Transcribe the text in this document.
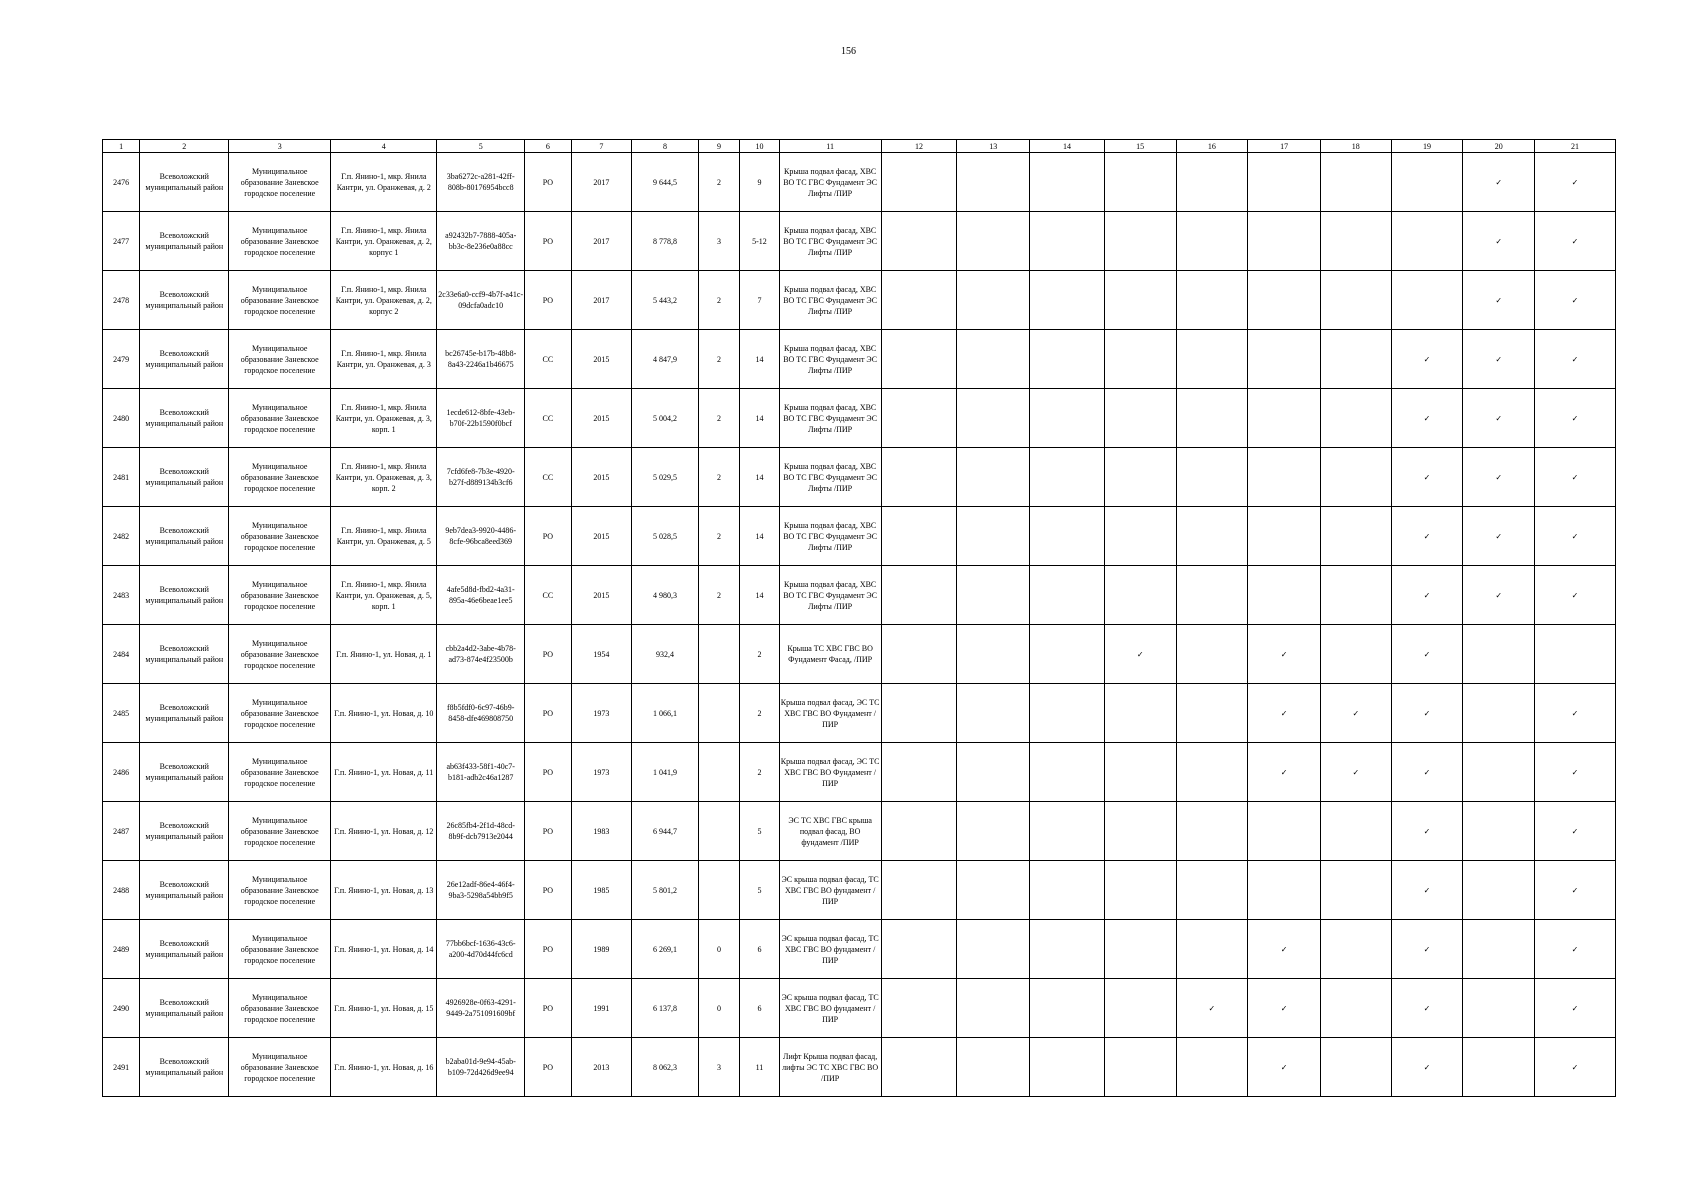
156
1	2	3	4	5	6	7	8	9	10	11	12	13	14	15	16	17	18	19	20	21
2476	Всеволожский муниципальный район	Муниципальное образование Заневское городское поселение	Г.п. Янино-1, мкр. Янила Кантри, ул. Оранжевая, д. 2	3ba6272c-a281-42ff-808b-80176954bcc8	РО	2017	9 644,5	2	9	Крыша подвал фасад, ХВС ВО ТС ГВС Фундамент ЭС Лифты /ПИР									✓	✓
2477	Всеволожский муниципальный район	Муниципальное образование Заневское городское поселение	Г.п. Янино-1, мкр. Янила Кантри, ул. Оранжевая, д. 2, корпус 1	a92432b7-7888-405a-bb3c-8e236e0a88cc	РО	2017	8 778,8	3	5-12	Крыша подвал фасад, ХВС ВО ТС ГВС Фундамент ЭС Лифты /ПИР									✓	✓
2478	Всеволожский муниципальный район	Муниципальное образование Заневское городское поселение	Г.п. Янино-1, мкр. Янила Кантри, ул. Оранжевая, д. 2, корпус 2	2c33e6a0-ccf9-4b7f-a41c-09dcfa0adc10	РО	2017	5 443,2	2	7	Крыша подвал фасад, ХВС ВО ТС ГВС Фундамент ЭС Лифты /ПИР									✓	✓
2479	Всеволожский муниципальный район	Муниципальное образование Заневское городское поселение	Г.п. Янино-1, мкр. Янила Кантри, ул. Оранжевая, д. 3	bc26745e-b17b-48b8-8a43-2246a1b46675	СС	2015	4 847,9	2	14	Крыша подвал фасад, ХВС ВО ТС ГВС Фундамент ЭС Лифты /ПИР								✓	✓	✓
2480	Всеволожский муниципальный район	Муниципальное образование Заневское городское поселение	Г.п. Янино-1, мкр. Янила Кантри, ул. Оранжевая, д. 3, корп. 1	1ecde612-8bfe-43eb-b70f-22b1590f0bcf	СС	2015	5 004,2	2	14	Крыша подвал фасад, ХВС ВО ТС ГВС Фундамент ЭС Лифты /ПИР								✓	✓	✓
2481	Всеволожский муниципальный район	Муниципальное образование Заневское городское поселение	Г.п. Янино-1, мкр. Янила Кантри, ул. Оранжевая, д. 3, корп. 2	7cfd6fe8-7b3e-4920-b27f-d889134b3cf6	СС	2015	5 029,5	2	14	Крыша подвал фасад, ХВС ВО ТС ГВС Фундамент ЭС Лифты /ПИР								✓	✓	✓
2482	Всеволожский муниципальный район	Муниципальное образование Заневское городское поселение	Г.п. Янино-1, мкр. Янила Кантри, ул. Оранжевая, д. 5	9eb7dea3-9920-4486-8cfe-96bca8eed369	РО	2015	5 028,5	2	14	Крыша подвал фасад, ХВС ВО ТС ГВС Фундамент ЭС Лифты /ПИР								✓	✓	✓
2483	Всеволожский муниципальный район	Муниципальное образование Заневское городское поселение	Г.п. Янино-1, мкр. Янила Кантри, ул. Оранжевая, д. 5, корп. 1	4afe5d8d-fbd2-4a31-895a-46e6beae1ee5	СС	2015	4 980,3	2	14	Крыша подвал фасад, ХВС ВО ТС ГВС Фундамент ЭС Лифты /ПИР								✓	✓	✓
2484	Всеволожский муниципальный район	Муниципальное образование Заневское городское поселение	Г.п. Янино-1, ул. Новая, д. 1	cbb2a4d2-3abe-4b78-ad73-874e4f23500b	РО	1954	932,4		2	Крыша ТС ХВС ГВС ВО Фундамент Фасад, /ПИР				✓		✓		✓		
2485	Всеволожский муниципальный район	Муниципальное образование Заневское городское поселение	Г.п. Янино-1, ул. Новая, д. 10	f8b5fdf0-6c97-46b9-8458-dfe469808750	РО	1973	1 066,1		2	Крыша подвал фасад, ЭС ТС ХВС ГВС ВО Фундамент /ПИР						✓	✓	✓		✓
2486	Всеволожский муниципальный район	Муниципальное образование Заневское городское поселение	Г.п. Янино-1, ул. Новая, д. 11	ab63f433-58f1-40c7-b181-adb2c46a1287	РО	1973	1 041,9		2	Крыша подвал фасад, ЭС ТС ХВС ГВС ВО Фундамент /ПИР						✓	✓	✓		✓
2487	Всеволожский муниципальный район	Муниципальное образование Заневское городское поселение	Г.п. Янино-1, ул. Новая, д. 12	26c85fb4-2f1d-48cd-8b9f-dcb7913e2044	РО	1983	6 944,7		5	ЭС ТС ХВС ГВС крыша подвал фасад, ВО фундамент /ПИР								✓		✓
2488	Всеволожский муниципальный район	Муниципальное образование Заневское городское поселение	Г.п. Янино-1, ул. Новая, д. 13	26e12adf-86e4-46f4-9ba3-5298a54bb9f5	РО	1985	5 801,2		5	ЭС крыша подвал фасад, ТС ХВС ГВС ВО фундамент /ПИР								✓		✓
2489	Всеволожский муниципальный район	Муниципальное образование Заневское городское поселение	Г.п. Янино-1, ул. Новая, д. 14	77bb6bcf-1636-43c6-a200-4d70d44fc6cd	РО	1989	6 269,1	0	6	ЭС крыша подвал фасад, ТС ХВС ГВС ВО фундамент /ПИР						✓		✓		✓
2490	Всеволожский муниципальный район	Муниципальное образование Заневское городское поселение	Г.п. Янино-1, ул. Новая, д. 15	4926928e-0f63-4291-9449-2a751091609bf	РО	1991	6 137,8	0	6	ЭС крыша подвал фасад, ТС ХВС ГВС ВО фундамент /ПИР					✓	✓		✓		✓
2491	Всеволожский муниципальный район	Муниципальное образование Заневское городское поселение	Г.п. Янино-1, ул. Новая, д. 16	b2aba01d-9e94-45ab-b109-72d426d9ee94	РО	2013	8 062,3	3	11	Лифт Крыша подвал фасад, лифты ЭС ТС ХВС ГВС ВО /ПИР						✓		✓		✓
